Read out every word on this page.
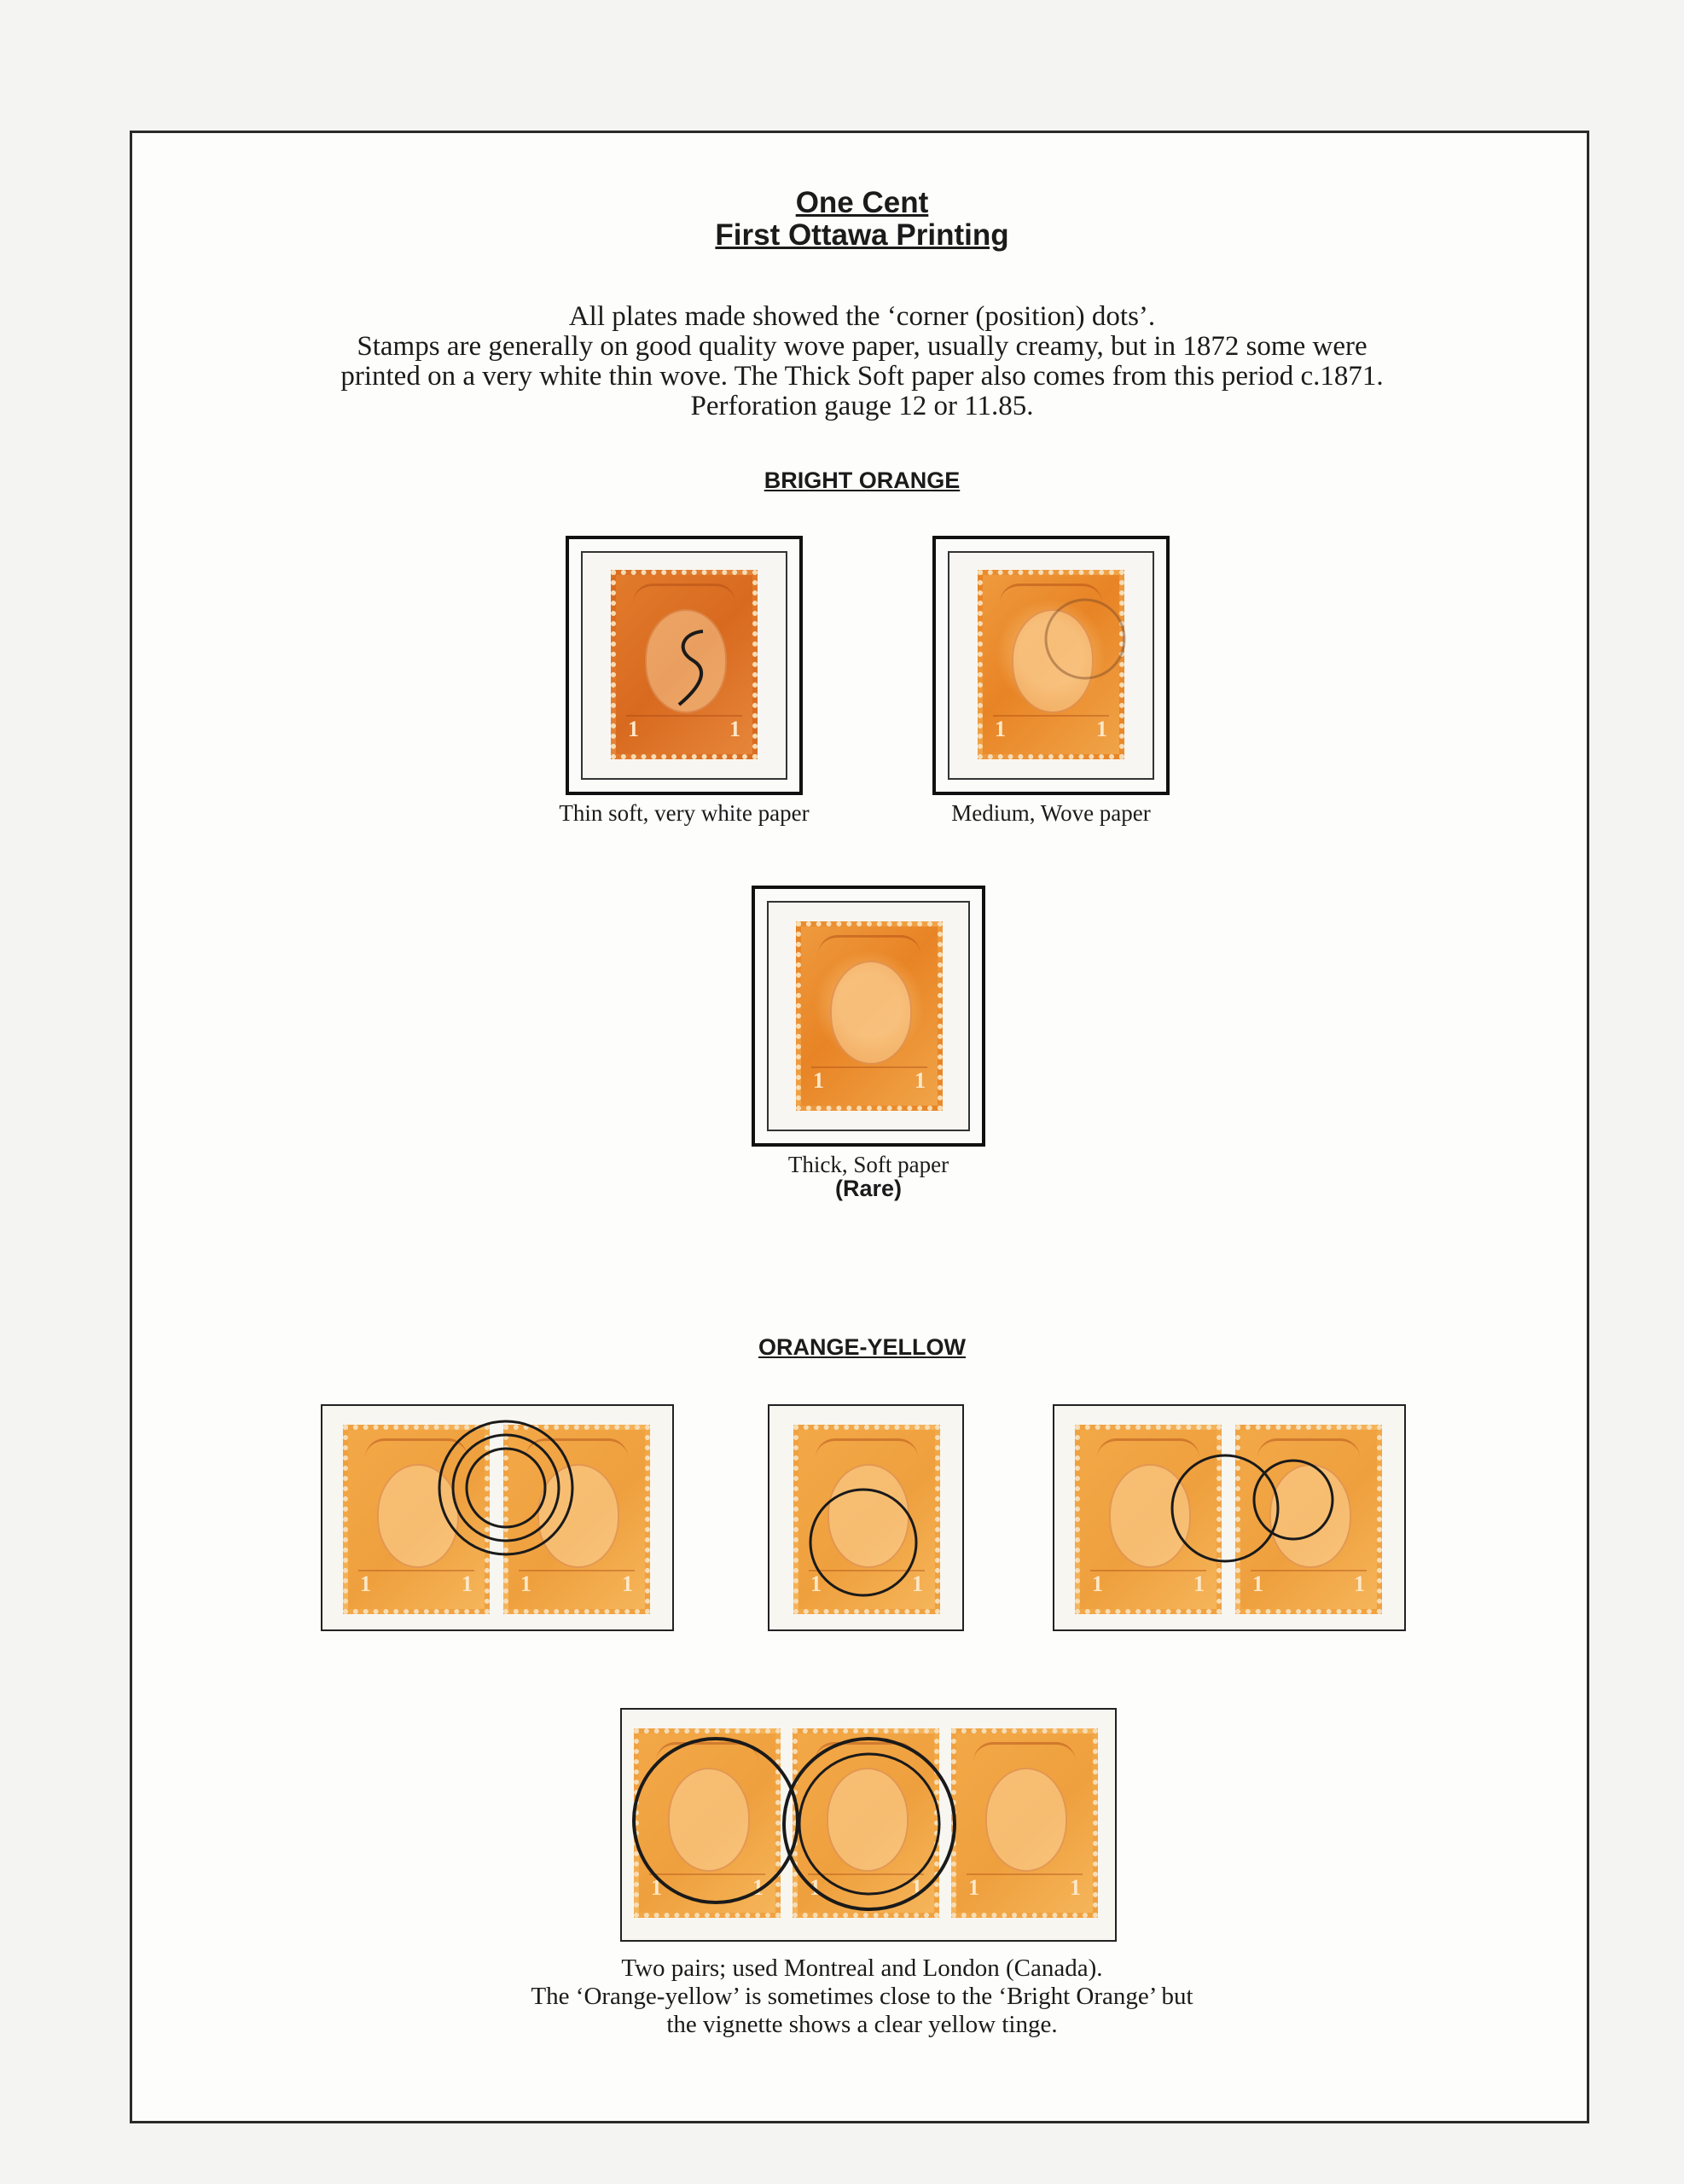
One Cent
First Ottawa Printing
All plates made showed the ‘corner (position) dots’.
Stamps are generally on good quality wove paper, usually creamy, but in 1872 some were
printed on a very white thin wove. The Thick Soft paper also comes from this period c.1871.
Perforation gauge 12 or 11.85.
BRIGHT ORANGE
1	1
Thin soft, very white paper
1	1
Medium, Wove paper
1	1
Thick, Soft paper
(Rare)
ORANGE-YELLOW
1	1 1	1	1	1	1	1 1	1
1	1 1	1 1	1
Two pairs; used Montreal and London (Canada).
The ‘Orange-yellow’ is sometimes close to the ‘Bright Orange’ but
the vignette shows a clear yellow tinge.
